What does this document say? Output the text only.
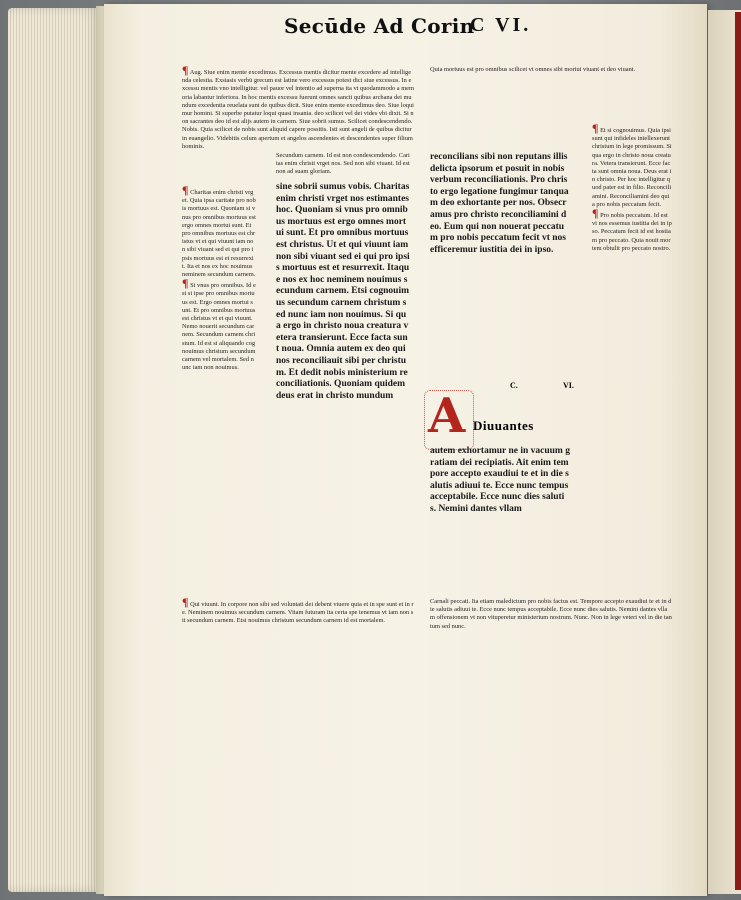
Secūde Ad Corin
C VI.
¶ Aug. Siue enim mente excedimus. Excessus mentis dicitur mente excedere ad intelligenda celestia. Exstasis verbū grecum est latine vero excessus potest dici siue excessus. In excessu mentis vno intelligitur. vel pauor vel intentio ad superna ita vt quodammodo a memoria labantur inferiora. In hoc mentis excessu fuerunt omnes sancti quibus archana dei mundum excedentia reuelata sunt de quibus dicit. Siue enim mente excedimus deo. Siue loquimur homini. Si superbe putatur loqui quasi insania. deo scilicet vel dei vides vbi dixit. Si non sacrantes deo id est alijs autem in carnem. Siue sobrii sumus. Scilicet condescendendo. Nobis. Quia scilicet de nobis sunt aliquid capere possitis. Isti sunt angeli de quibus dicitur in euangelio. Videbitis celum apertum et angelos ascendentes et descendentes super filium hominis.
¶ Charitas enim christi vrget. Quia ipsa caritate pro nobis mortuus est. Quoniam si vnus pro omnibus mortuus est ergo omnes mortui sunt. Et pro omnibus mortuus est christus vt et qui viuunt iam non sibi viuant sed ei qui pro ipsis mortuus est et resurrexit. Ita et nos ex hoc nouimus neminem secundum carnem.
¶ Si vnus pro omnibus. Id est si ipse pro omnibus mortuus est. Ergo omnes mortui sunt. Et pro omnibus mortuus est christus vt et qui viuunt. Nemo nouerit secundum carnem. Secundum carnem christum. Id est si aliquando cognouimus christum secundum carnem vel mortalem. Sed nunc iam non nouimus.
Secundum carnem. Id est non condescendendo. Caritas enim christi vrget nos. Sed non sibi viuant. Id est non ad suam gloriam.
sine sobrii sumus vobis. Charitas enim christi vrget nos estimantes hoc. Quoniam si vnus pro omnibus mortuus est ergo omnes mortui sunt. Et pro omnibus mortuus est christus. Ut et qui viuunt iam non sibi viuant sed ei qui pro ipsis mortuus est et resurrexit. Itaque nos ex hoc neminem nouimus secundum carnem. Etsi cognouimus secundum carnem christum sed nunc iam non nouimus. Si qua ergo in christo noua creatura vetera transierunt. Ecce facta sunt noua. Omnia autem ex deo qui nos reconciliauit sibi per christum. Et dedit nobis ministerium reconciliationis. Quoniam quidem deus erat in christo mundum
Quia mortuus est pro omnibus scilicet vt omnes sibi mortui viuant et deo viuant.
reconcilians sibi non reputans illis delicta ipsorum et posuit in nobis verbum reconciliationis. Pro christo ergo legatione fungimur tanquam deo exhortante per nos. Obsecramus pro christo reconciliamini deo. Eum qui non nouerat peccatum pro nobis peccatum fecit vt nos efficeremur iustitia dei in ipso.
¶ Et si cognouimus. Quia ipsi sunt qui infideles intellexerunt christum in lege promissum. Si qua ergo in christo noua creatura. Vetera transierunt. Ecce facta sunt omnia noua. Deus erat in christo. Per hoc intelligitur quod pater est in filio. Reconciliamini. Reconciliamini deo quia pro nobis peccatum fecit.
¶ Pro nobis peccatum. Id est vt nos essemus iustitia dei in ipso. Peccatum fecit id est hostiam pro peccato. Quia nouit mortem obtulit pro peccato nostro.
C.	VI.
A Diuuantes
autem exhortamur ne in vacuum gratiam dei recipiatis. Ait enim tempore accepto exaudiui te et in die salutis adiuui te. Ecce nunc tempus acceptabile. Ecce nunc dies salutis. Nemini dantes vllam
¶ Qui viuunt. In corpore non sibi sed voluntati dei debent viuere quia et in spe sunt et in re. Neminem nouimus secundum carnem. Vitam futuram ita certa spe tenemus vt iam non sit secundum carnem. Etsi nouimus christum secundum carnem id est mortalem.
Carnali peccati. Ita etiam maledictum pro nobis factus est. Tempore accepto exaudiui te et in die salutis adiuui te. Ecce nunc tempus acceptabile. Ecce nunc dies salutis. Nemini dantes vllam offensionem vt non vituperetur ministerium nostrum. Nunc. Non in lege veteri vel in die tantum sed nunc.
